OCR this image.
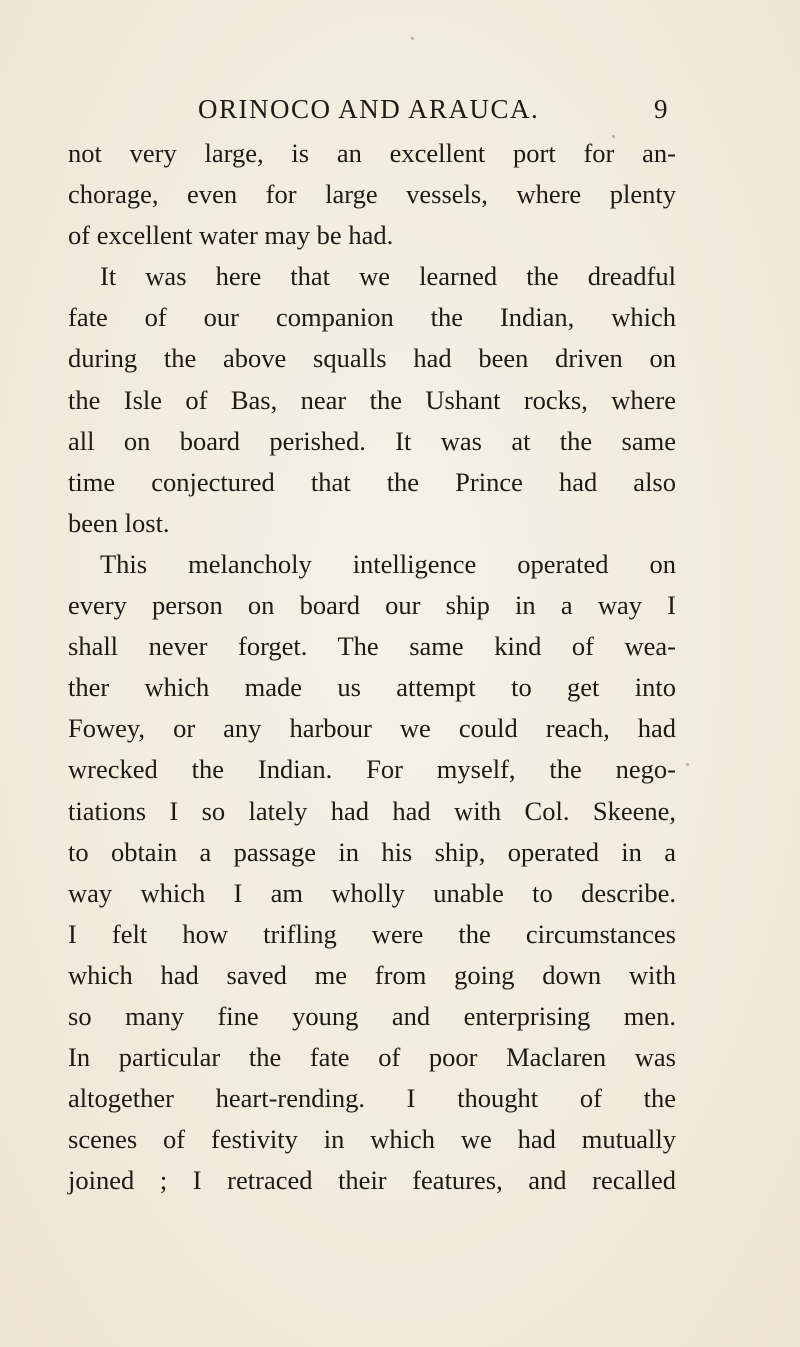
ORINOCO AND ARAUCA.	9
not very large, is an excellent port for an-
chorage, even for large vessels, where plenty
of excellent water may be had.
It was here that we learned the dreadful
fate of our companion the Indian, which
during the above squalls had been driven on
the Isle of Bas, near the Ushant rocks, where
all on board perished. It was at the same
time conjectured that the Prince had also
been lost.
This melancholy intelligence operated on
every person on board our ship in a way I
shall never forget. The same kind of wea-
ther which made us attempt to get into
Fowey, or any harbour we could reach, had
wrecked the Indian. For myself, the nego-
tiations I so lately had had with Col. Skeene,
to obtain a passage in his ship, operated in a
way which I am wholly unable to describe.
I felt how trifling were the circumstances
which had saved me from going down with
so many fine young and enterprising men.
In particular the fate of poor Maclaren was
altogether heart-rending. I thought of the
scenes of festivity in which we had mutually
joined ; I retraced their features, and recalled
